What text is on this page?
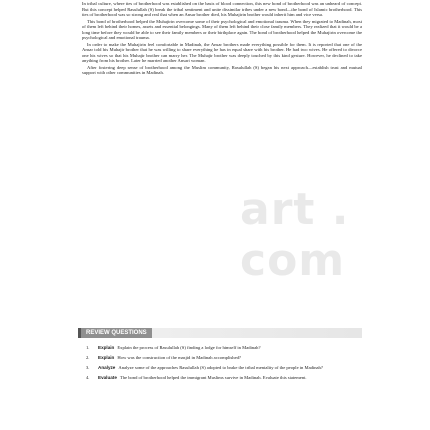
In tribal culture, where ties of brotherhood was established on the basis of blood connection, this new bond of brotherhood was an unheard of concept. But this concept helped Rasulullah (S) break the tribal sentiment and unite dissimilar tribes under a new bond—the bond of Islamic brotherhood. This ties of brotherhood was so strong and real that when an Ansar brother died, his Muhajirin brother would inherit him and vice versa.

This bond of brotherhood helped the Muhajirin overcome some of their psychological and emotional trauma. When they migrated to Madinah, most of them left behind their homes, assets and essential belongings. Many of them left behind their close family members. They realized that it would be a long time before they would be able to see their family members or their birthplace again. The bond of brotherhood helped the Muhajirin overcome the psychological and emotional trauma.

In order to make the Muhajirin feel comfortable in Madinah, the Ansar brothers made everything possible for them. It is reported that one of the Ansar told his Muhajir brother that he was willing to share everything he has in equal share with his brother. He had two wives. He offered to divorce one his wives so that his Muhajir brother can marry her. The Muhajir brother was deeply touched by this kind gesture. However, he declined to take anything from his brother. Later he married another Ansari woman.

After fostering deep sense of brotherhood among the Muslim community, Rasulullah (S) began his next approach—establish trust and mutual support with other communities in Madinah.

art . com
REVIEW QUESTIONS
1. Explain Explain the process of Rasulullah (S) finding a lodge for himself in Madinah?
2. Explain How was the construction of the masjid in Madinah accomplished?
3. Analyze Analyze some of the approaches Rasulullah (S) adopted to brake the tribal mentality of the people in Madinah?
4. Evaluate The bond of brotherhood helped the immigrant Muslims survive in Madinah. Evaluate this statement.
